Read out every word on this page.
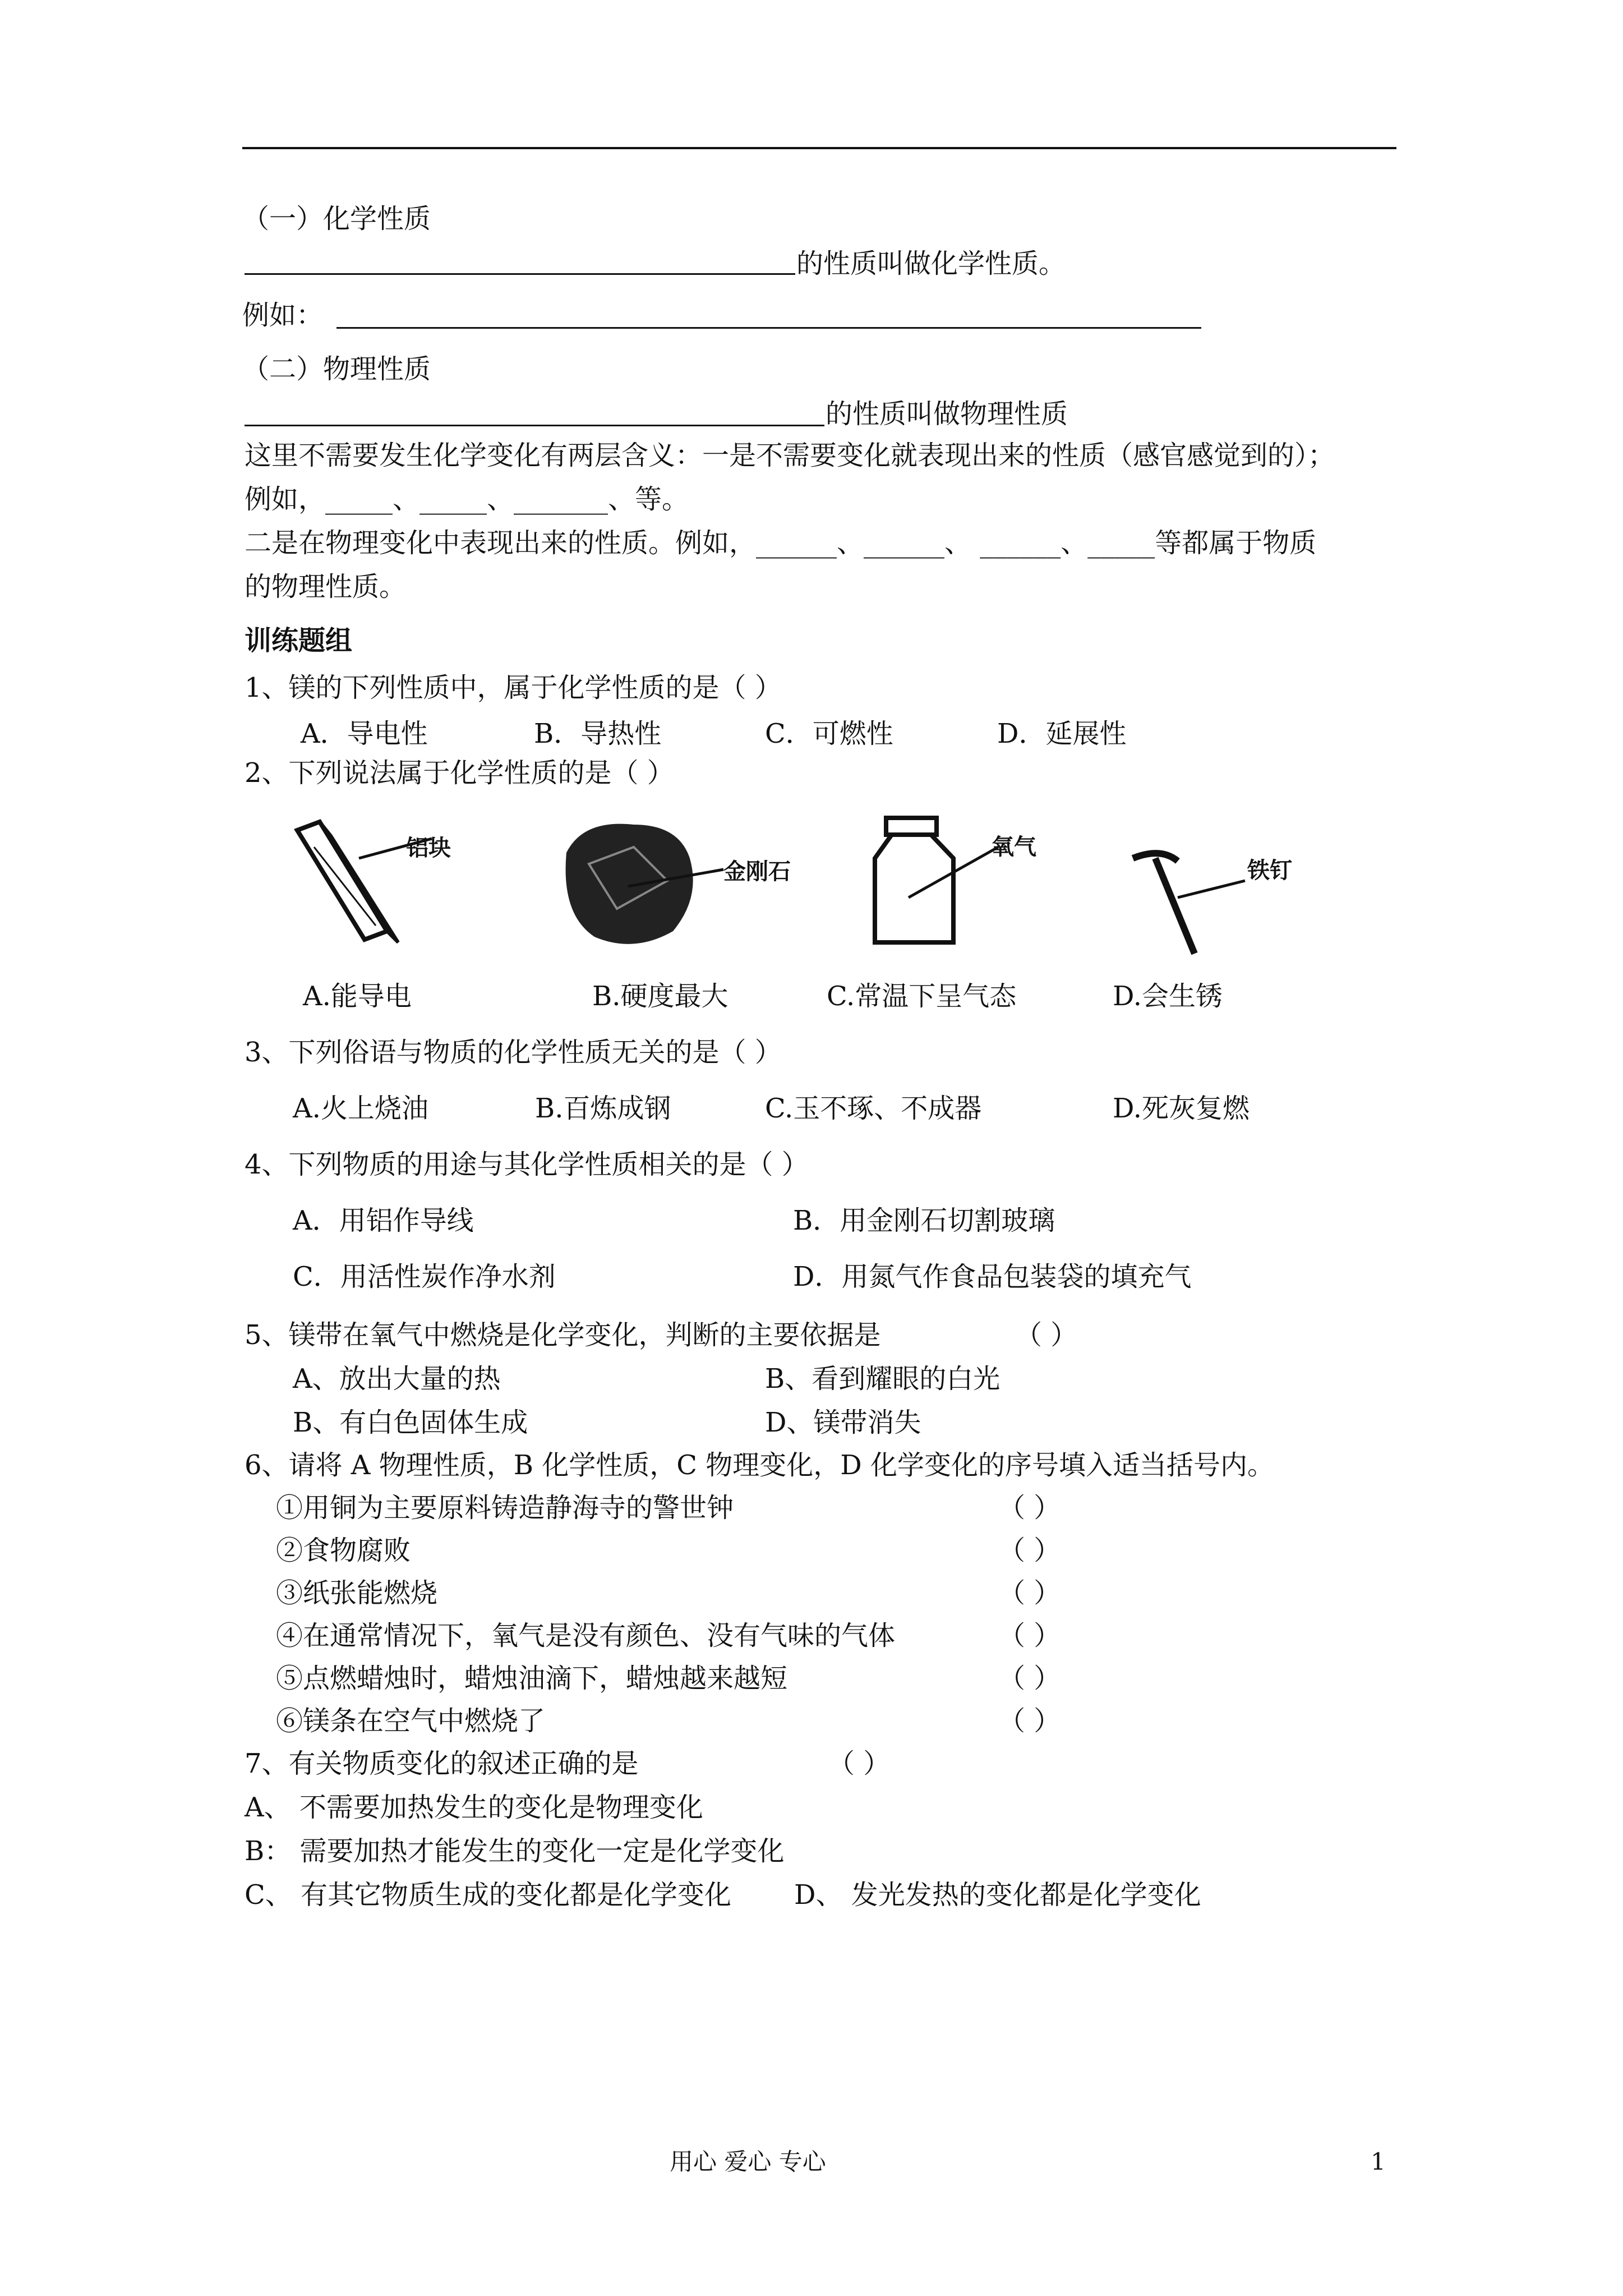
（一）化学性质
的性质叫做化学性质。
例如：
（二）物理性质
的性质叫做物理性质
这里不需要发生化学变化有两层含义：一是不需要变化就表现出来的性质（感官感觉到的）；
例如，_____、_____、_______、等。
二是在物理变化中表现出来的性质。例如，______、______、 ______、_____等都属于物质
的物理性质。
训练题组
1、镁的下列性质中，属于化学性质的是（ ）
A．导电性	B．导热性	C．可燃性	D．延展性
2、下列说法属于化学性质的是（ ）
铝块
金刚石
氧气
铁钉
A.能导电	B.硬度最大	C.常温下呈气态	D.会生锈
3、下列俗语与物质的化学性质无关的是（ ）
A.火上烧油	B.百炼成钢	C.玉不琢、不成器	D.死灰复燃
4、下列物质的用途与其化学性质相关的是（ ）
A．用铝作导线	B．用金刚石切割玻璃
C．用活性炭作净水剂	D．用氮气作食品包装袋的填充气
5、镁带在氧气中燃烧是化学变化，判断的主要依据是	（ ）
A、放出大量的热	B、看到耀眼的白光
B、有白色固体生成	D、镁带消失
6、请将 A 物理性质，B 化学性质，C 物理变化，D 化学变化的序号填入适当括号内。
①用铜为主要原料铸造静海寺的警世钟	（ ）
②食物腐败	（ ）
③纸张能燃烧	（ ）
④在通常情况下，氧气是没有颜色、没有气味的气体	（ ）
⑤点燃蜡烛时，蜡烛油滴下，蜡烛越来越短	（ ）
⑥镁条在空气中燃烧了	（ ）
7、有关物质变化的叙述正确的是	（ ）
A、 不需要加热发生的变化是物理变化
B： 需要加热才能发生的变化一定是化学变化
C、 有其它物质生成的变化都是化学变化 D、 发光发热的变化都是化学变化
用心 爱心 专心	1
